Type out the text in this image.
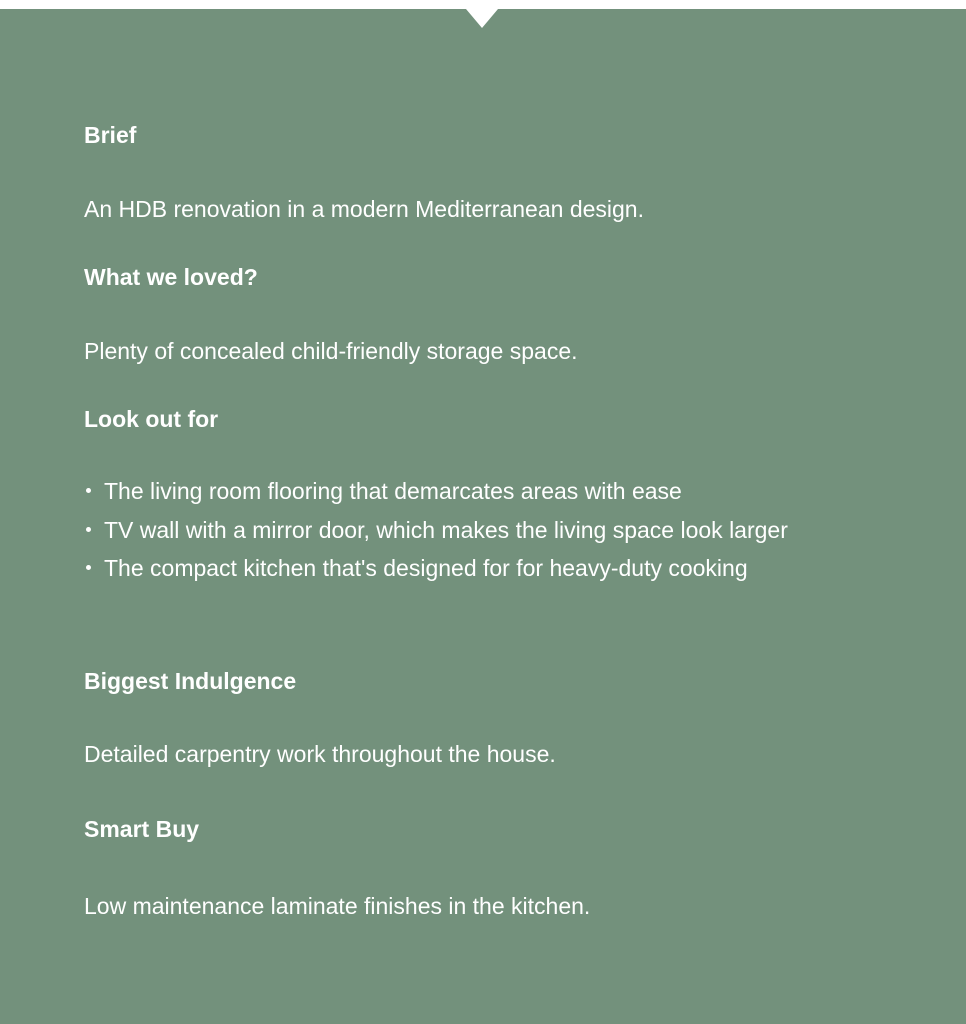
Brief
An HDB renovation in a modern Mediterranean design.
What we loved?
Plenty of concealed child-friendly storage space.
Look out for
The living room flooring that demarcates areas with ease
TV wall with a mirror door, which makes the living space look larger
The compact kitchen that's designed for for heavy-duty cooking
Biggest Indulgence
Detailed carpentry work throughout the house.
Smart Buy
Low maintenance laminate finishes in the kitchen.
